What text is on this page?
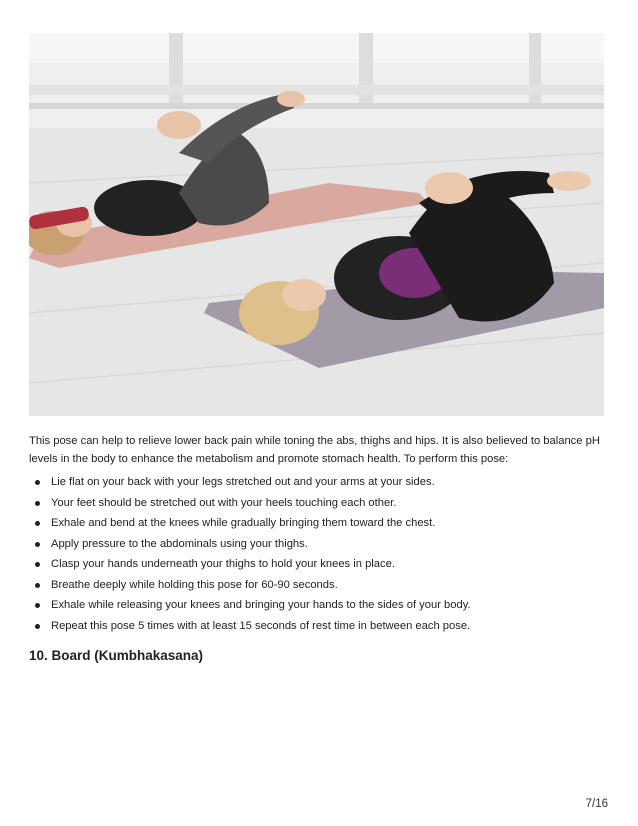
This pose can help to relieve lower back pain while toning the abs, thighs and hips. It is also believed to balance pH levels in the body to enhance the metabolism and promote stomach health. To perform this pose:

Lie flat on your back with your legs stretched out and your arms at your sides.
Your feet should be stretched out with your heels touching each other.
Exhale and bend at the knees while gradually bringing them toward the chest.
Apply pressure to the abdominals using your thighs.
Clasp your hands underneath your thighs to hold your knees in place.
Breathe deeply while holding this pose for 60-90 seconds.
Exhale while releasing your knees and bringing your hands to the sides of your body.
Repeat this pose 5 times with at least 15 seconds of rest time in between each pose.
10. Board (Kumbhakasana)
7/16
